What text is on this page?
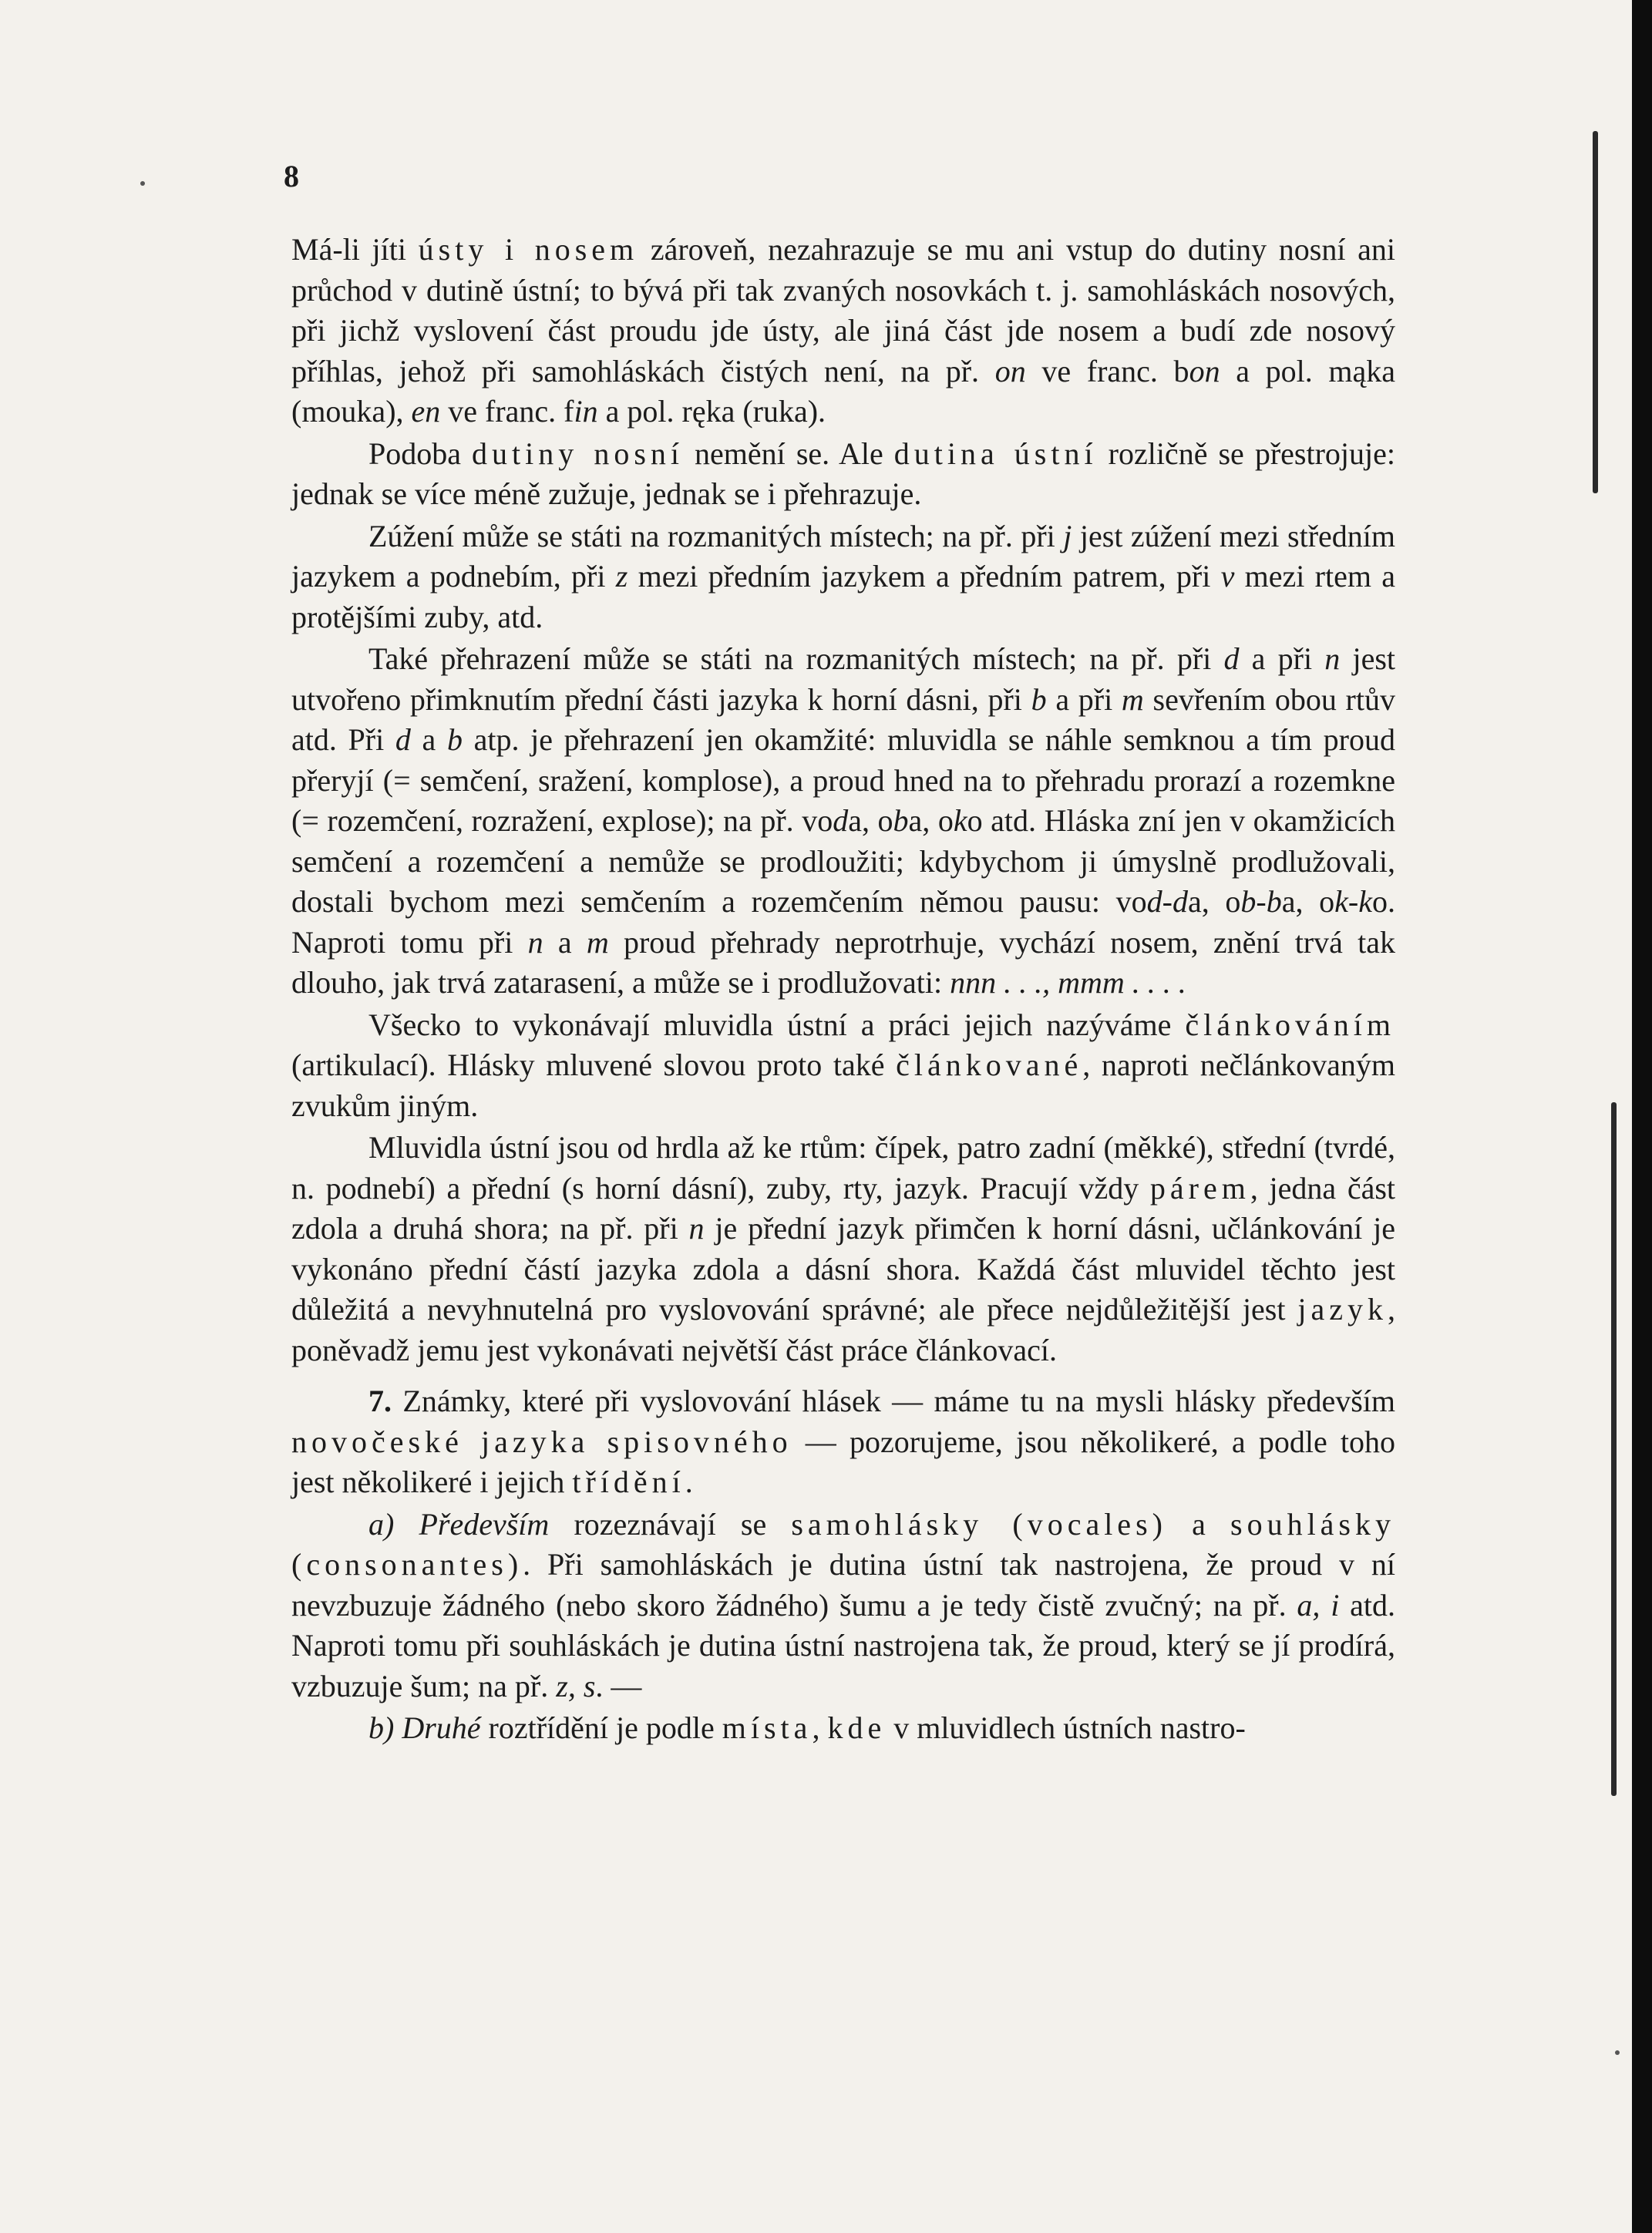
8

Má-li jíti ústy i nosem zároveň, nezahrazuje se mu ani vstup do dutiny nosní ani průchod v dutině ústní; to bývá při tak zvaných nosovkách t. j. samohláskách nosových, při jichž vyslovení část proudu jde ústy, ale jiná část jde nosem a budí zde nosový příhlas, jehož při samohláskách čistých není, na př. on ve franc. bon a pol. mąka (mouka), en ve franc. fin a pol. ręka (ruka).

Podoba dutiny nosní nemění se. Ale dutina ústní rozličně se přestrojuje: jednak se více méně zužuje, jednak se i přehrazuje.

Zúžení může se státi na rozmanitých místech; na př. při j jest zúžení mezi středním jazykem a podnebím, při z mezi předním jazykem a předním patrem, při v mezi rtem a protějšími zuby, atd.

Také přehrazení může se státi na rozmanitých místech; na př. při d a při n jest utvořeno přimknutím přední části jazyka k horní dásni, při b a při m sevřením obou rtův atd. Při d a b atp. je přehrazení jen okamžité: mluvidla se náhle semknou a tím proud přeryjí (= semčení, sražení, komplose), a proud hned na to přehradu prorazí a rozemkne (= rozemčení, rozražení, explose); na př. voda, oba, oko atd. Hláska zní jen v okamžicích semčení a rozemčení a nemůže se prodloužiti; kdybychom ji úmyslně prodlužovali, dostali bychom mezi semčením a rozemčením němou pausu: vod-da, ob-ba, ok-ko. Naproti tomu při n a m proud přehrady neprotrhuje, vychází nosem, znění trvá tak dlouho, jak trvá zatarasení, a může se i prodlužovati: nnn . . ., mmm . . . .

Všecko to vykonávají mluvidla ústní a práci jejich nazýváme článkováním (artikulací). Hlásky mluvené slovou proto také článkované, naproti nečlánkovaným zvukům jiným.

Mluvidla ústní jsou od hrdla až ke rtům: čípek, patro zadní (měkké), střední (tvrdé, n. podnebí) a přední (s horní dásní), zuby, rty, jazyk. Pracují vždy párem, jedna část zdola a druhá shora; na př. při n je přední jazyk přimčen k horní dásni, učlánkování je vykonáno přední částí jazyka zdola a dásní shora. Každá část mluvidel těchto jest důležitá a nevyhnutelná pro vyslovování správné; ale přece nejdůležitější jest jazyk, poněvadž jemu jest vykonávati největší část práce článkovací.

7. Známky, které při vyslovování hlásek — máme tu na mysli hlásky především novočeské jazyka spisovného — pozorujeme, jsou několikeré, a podle toho jest několikeré i jejich třídění.

a) Především rozeznávají se samohlásky (vocales) a souhlásky (consonantes). Při samohláskách je dutina ústní tak nastrojena, že proud v ní nevzbuzuje žádného (nebo skoro žádného) šumu a je tedy čistě zvučný; na př. a, i atd. Naproti tomu při souhláskách je dutina ústní nastrojena tak, že proud, který se jí prodírá, vzbuzuje šum; na př. z, s. —

b) Druhé roztřídění je podle místa, kde v mluvidlech ústních nastro-
